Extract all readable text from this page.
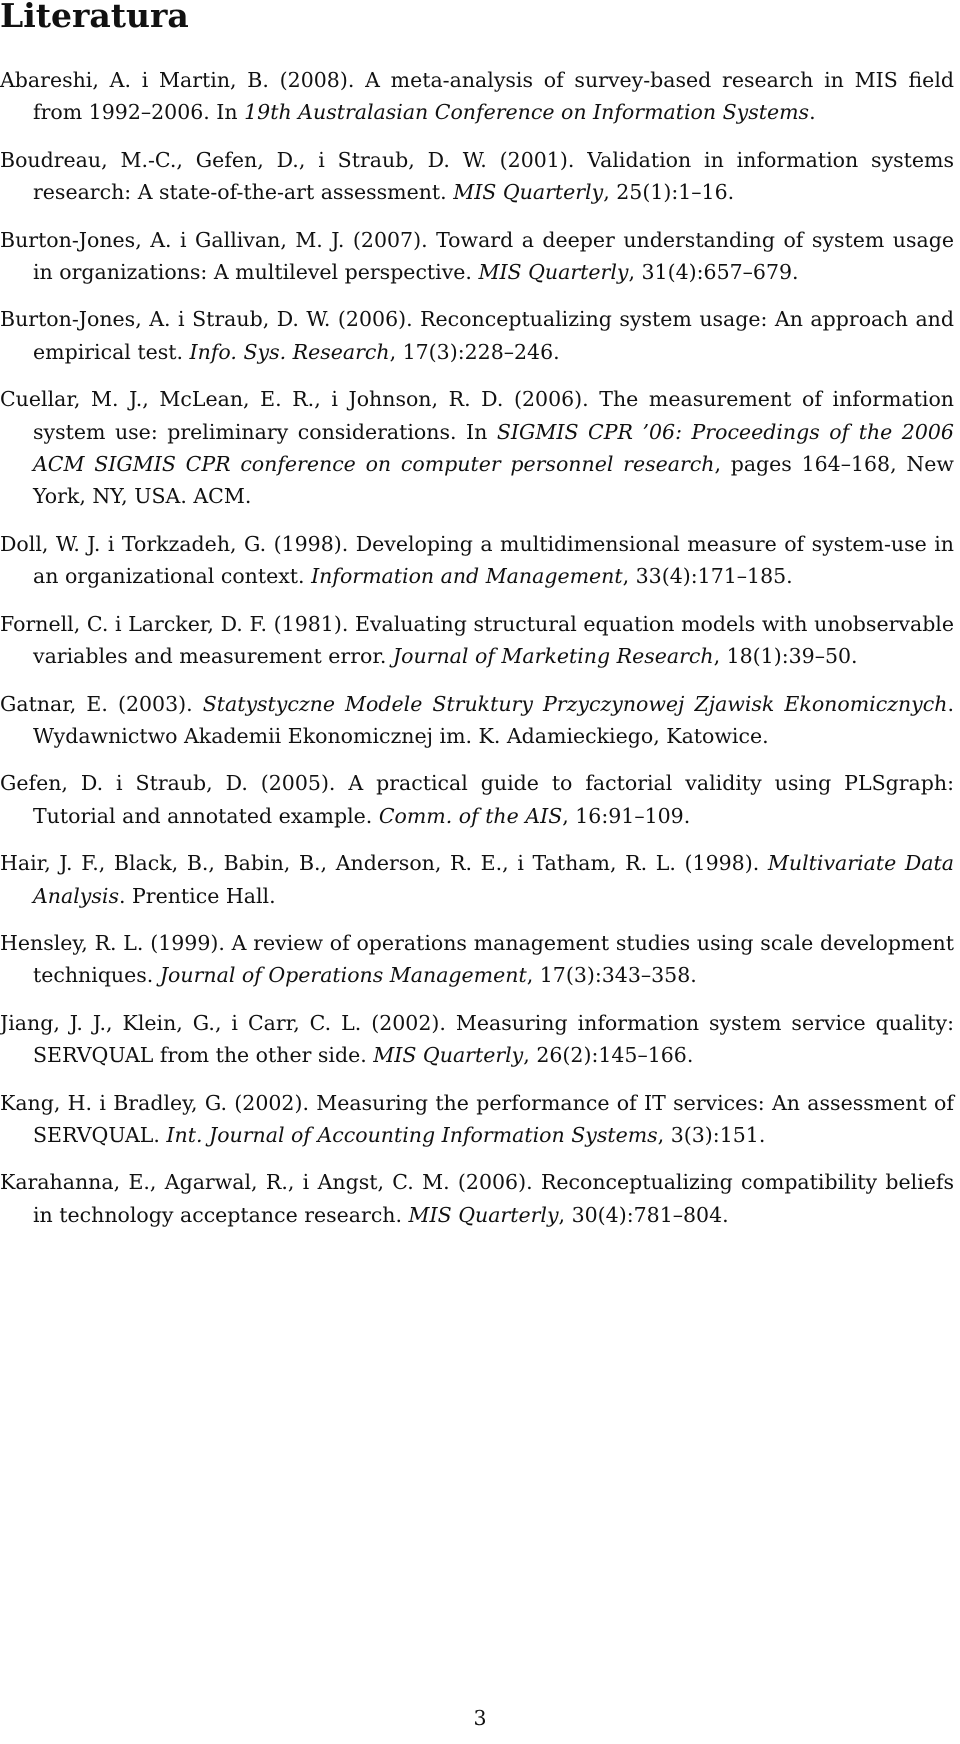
Literatura
Abareshi, A. i Martin, B. (2008). A meta-analysis of survey-based research in MIS field from 1992–2006. In 19th Australasian Conference on Information Systems.
Boudreau, M.-C., Gefen, D., i Straub, D. W. (2001). Validation in information systems research: A state-of-the-art assessment. MIS Quarterly, 25(1):1–16.
Burton-Jones, A. i Gallivan, M. J. (2007). Toward a deeper understanding of system usage in organizations: A multilevel perspective. MIS Quarterly, 31(4):657–679.
Burton-Jones, A. i Straub, D. W. (2006). Reconceptualizing system usage: An approach and empirical test. Info. Sys. Research, 17(3):228–246.
Cuellar, M. J., McLean, E. R., i Johnson, R. D. (2006). The measurement of information system use: preliminary considerations. In SIGMIS CPR ’06: Proceedings of the 2006 ACM SIGMIS CPR conference on computer personnel research, pages 164–168, New York, NY, USA. ACM.
Doll, W. J. i Torkzadeh, G. (1998). Developing a multidimensional measure of system-use in an organizational context. Information and Management, 33(4):171–185.
Fornell, C. i Larcker, D. F. (1981). Evaluating structural equation models with unobservable variables and measurement error. Journal of Marketing Research, 18(1):39–50.
Gatnar, E. (2003). Statystyczne Modele Struktury Przyczynowej Zjawisk Ekonomicznych. Wydawnictwo Akademii Ekonomicznej im. K. Adamieckiego, Katowice.
Gefen, D. i Straub, D. (2005). A practical guide to factorial validity using PLSgraph: Tutorial and annotated example. Comm. of the AIS, 16:91–109.
Hair, J. F., Black, B., Babin, B., Anderson, R. E., i Tatham, R. L. (1998). Multivariate Data Analysis. Prentice Hall.
Hensley, R. L. (1999). A review of operations management studies using scale development techniques. Journal of Operations Management, 17(3):343–358.
Jiang, J. J., Klein, G., i Carr, C. L. (2002). Measuring information system service quality: SERVQUAL from the other side. MIS Quarterly, 26(2):145–166.
Kang, H. i Bradley, G. (2002). Measuring the performance of IT services: An assessment of SERVQUAL. Int. Journal of Accounting Information Systems, 3(3):151.
Karahanna, E., Agarwal, R., i Angst, C. M. (2006). Reconceptualizing compatibility beliefs in technology acceptance research. MIS Quarterly, 30(4):781–804.
3
